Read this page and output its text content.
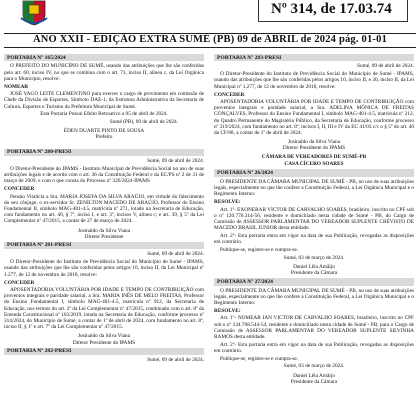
Nº 314, de 17.03.74
ANO XXII - EDIÇÃO EXTRA SUMÉ (PB) 09 de ABRIL de 2024 pág. 01-01
PORTARIA Nº 165/2024

O PREFEITO DO MUNICÍPIO DE SUMÉ, usando das atribuições que lhe são conferidas pelo art. 60, inciso IV, no que se combina com o art. 73, inciso II, alínea c, da Lei Orgânica para o Município, resolve:

NOMEAR

JOSÉ YAGO LEITE CLEMENTINO para exercer o cargo de provimento em comissão de Chefe da Divisão de Esportes, Símbolo DAE-1, da Estrutura Administrativa da Secretaria de Cultura, Esportes e Turismo da Prefeitura Municipal de Sumé.

Esta Portaria Possui Efeito Retroativo a 05 de abril de 2024.

Sumé (PB), 09 de abril de 2024.

ÉDEN DUARTE PINTO DE SOUSA
Prefeito
PORTARIA Nº 280-PRESI

Sumé, 09 de abril de 2024.

O Diretor-Presidente do IPAMS - Instituto Municipal de Previdência Social no uso de suas atribuições legais e de acordo com o art. 36 da Constituição Federal e da EC/PS nº 2 de 31 de março de 2009, e com o que consta do Processo nº 326/2024-IPAMS

CONCEDER

Pensão Vitalícia a Sra. MARIA JOSEFA DA SILVA ARAÚJO, em virtude do falecimento do seu cônjuge, o ex-servidor Sr. ZENILTON MACEDO DE ARAÚJO, Professor do Ensino Fundamental II, símbolo MAG-401-4.5, matrícula nº 271, lotado na Secretaria de Educação, com fundamento no art. 40, § 7º, inciso I, e art. 3º, incisos V, alínea c; e art. 39, § 5º da Lei Complementar nº 47/2015, a contar de 27 de março de 2024.

Josinaldo da Silva Viana
Diretor Presidente
PORTARIA Nº 281-PRESI

Sumé, 09 de abril de 2024.

O Diretor-Presidente do Instituto de Previdência Social do Município de Sumé - IPAMS, usando das atribuições que lhe são conferidas pelos artigos 10, inciso II, da Lei Municipal nº 1.277, de 12 de novembro de 2018, resolve:

CONCEDER

APOSENTADORIA VOLUNTÁRIA POR IDADE E TEMPO DE CONTRIBUIÇÃO com proventos integrais e paridade salarial, a Sra. MARIA INÊS DE MELO FREITAS, Professor do Ensino Fundamental I, símbolo MAG-401-4.5, matrícula nº 912, da Secretaria de Educação, nos termos do art. 2º da Lei Complementar nº 47/2015, combinado com o art. 8º da Emenda Constitucional nº 103/2019, lotada na Secretaria de Educação, conforme processo nº 314/2024, do Município de Sumé, a contar de 1º de abril de 2024, com fundamento no art. 8º, inciso II, § 1º e art. 7º da Lei Complementar nº 47/2015.

Josinaldo da Silva Viana
Diretor Presidente do IPAMS
PORTARIA Nº 282-PRESI

Sumé, 09 de abril de 2024.

PORTARIA Nº 283-PRESI

Sumé, 09 de abril de 2024.

O Diretor-Presidente do Instituto de Previdência Social do Município de Sumé - IPAMS, usando das atribuições que lhe são conferidas pelos artigos 10, inciso II, e 30, inciso II, da Lei Municipal nº 1.277, de 12 de novembro de 2018, resolve:

CONCEDER

APOSENTADORIA VOLUNTÁRIA POR IDADE E TEMPO DE CONTRIBUIÇÃO com proventos integrais e paridade salarial, a Sra. ADELINA MÔNICA DE FREITAS GONÇALVES, Professor do Ensino Fundamental I, símbolo MAG-401-4.5, matrícula nº 212, do Quadro Permanente do Magistério Público, da Secretaria de Educação, conforme processo nº 319/2024, com fundamento no art. 8º, incisos I, II, III e IV da EC 41/03 c/c o § 5º do art. 40 da CF/88, a contar de 1º de abril de 2024.

Josinaldo da Silva Viana
Diretor Presidente do IPAMS

CÂMARA DE VEREADORES DE SUMÉ-PB

CASA CÍCERO SOARES

PORTARIA Nº 26/2024

O PRESIDENTE DA CÂMARA MUNICIPAL DE SUMÉ - PB, no uso de suas atribuições legais, especialmente no que lhe confere a Constituição Federal, a Lei Orgânica Municipal e o Regimento Interno:

RESOLVE:

Art. 1º- EXONERAR VICTOR DE CARVALHO SOARES, brasileiro, inscrito no CPF sob o nº 120.776.314-56, residente e domiciliado nesta cidade de Sumé - PB, do Cargo de Comissão de ASSESSOR PARLAMENTAR DO VEREADOR SUPLENTE CRÉVISTO DE MACEDO BRASIL JUNIOR desta entidade.

Art. 2º- Esta portaria entra em vigor na data de sua Publicação, revogadas as disposições em contrário.

Publique-se, registre-se e cumpra-se.

Sumé, 03 de março de 2024.

Daniel Lêla Amâijo
Presidente da Câmara
PORTARIA Nº 27/2024

O PRESIDENTE DA CÂMARA MUNICIPAL DE SUMÉ - PB, no uso de suas atribuições legais, especialmente no que lhe confere a Constituição Federal, a Lei Orgânica Municipal e o Regimento Interno:

RESOLVE:

Art. 1º- NOMEAR IAN VICTOR DE CARVALHO SOARES, brasileiro, inscrito no CPF sob o nº 134.708.544-54, residente e domiciliado nesta cidade de Sumé - PB, para o Cargo de Comissão de ASSESSOR PARLAMENTAR DO VEREADOR SUPLENTE SILVINHA RAMOS desta entidade.

Art. 2º- Esta portaria entra em vigor na data de sua Publicação, revogadas as disposições em contrário.

Publique-se, registre-se e cumpra-se.

Sumé, 03 de março de 2024.

Daniel Lêla Amâijo
Presidente da Câmara
